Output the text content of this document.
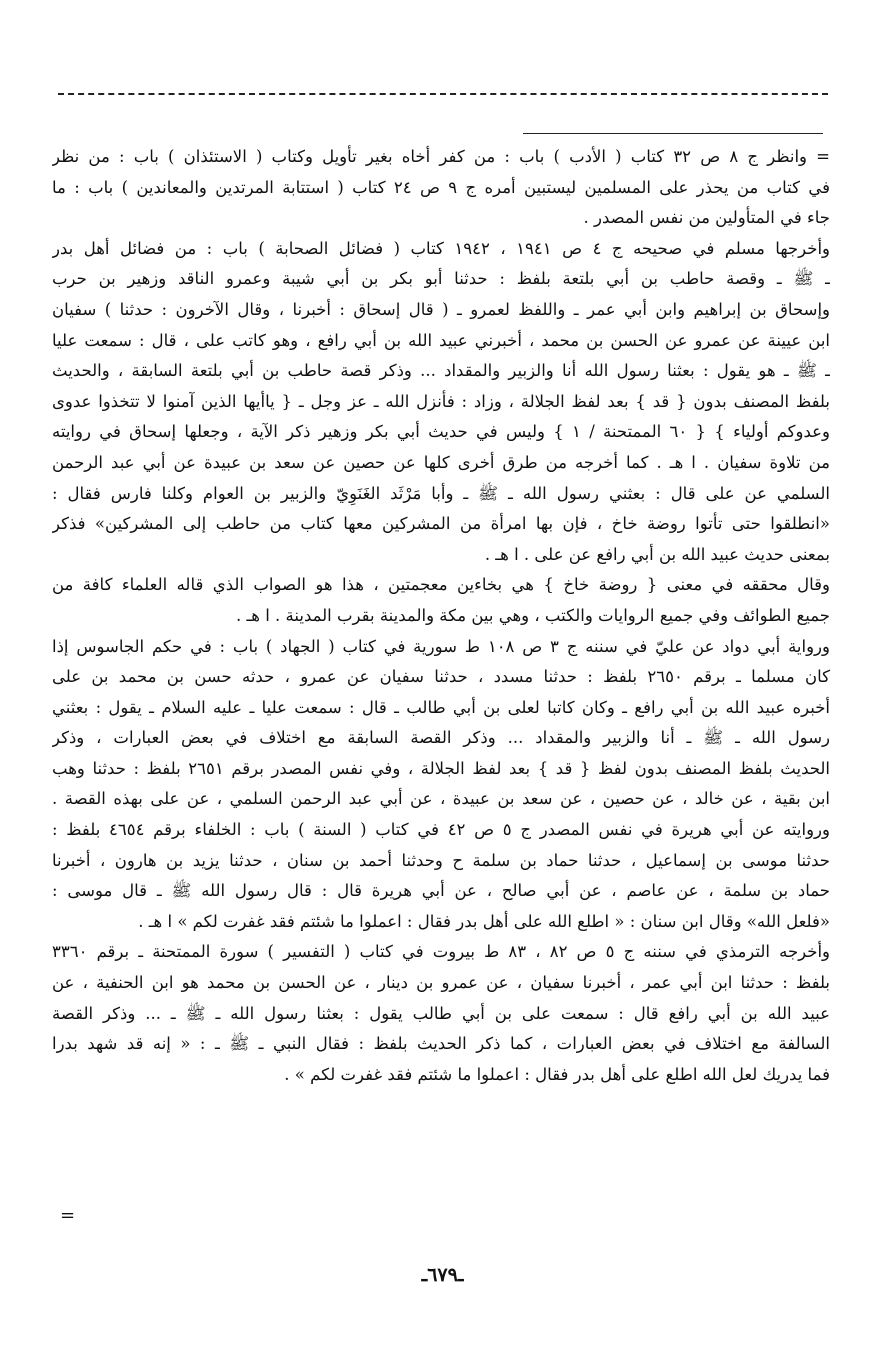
= وانظر ج ٨ ص ٣٢ كتاب ( الأدب ) باب : من كفر أخاه بغير تأويل وكتاب ( الاستئذان ) باب : من نظر
في كتاب من يحذر على المسلمين ليستبين أمره ج ٩ ص ٢٤ كتاب ( استتابة المرتدين والمعاندين ) باب : ما
جاء في المتأولين من نفس المصدر .
وأخرجها مسلم في صحيحه ج ٤ ص ١٩٤١ ، ١٩٤٢ كتاب ( فضائل الصحابة ) باب : من فضائل أهل بدر
ـ ﷺ ـ وقصة حاطب بن أبي بلتعة بلفظ : حدثنا أبو بكر بن أبي شيبة وعمرو الناقد وزهير بن حرب
وإسحاق بن إبراهيم وابن أبي عمر ـ واللفظ لعمرو ـ ( قال إسحاق : أخبرنا ، وقال الآخرون : حدثنا ) سفيان
ابن عيينة عن عمرو عن الحسن بن محمد ، أخبرني عبيد الله بن أبي رافع ، وهو كاتب على ، قال : سمعت عليا
ـ ﷺ ـ هو يقول : بعثنا رسول الله أنا والزبير والمقداد ... وذكر قصة حاطب بن أبي بلتعة السابقة ، والحديث
بلفظ المصنف بدون { قد } بعد لفظ الجلالة ، وزاد : فأنزل الله ـ عز وجل ـ { ياأيها الذين آمنوا لا تتخذوا عدوى
وعدوكم أولياء } { ٦٠ الممتحنة / ١ } وليس في حديث أبي بكر وزهير ذكر الآية ، وجعلها إسحاق في روايته
من تلاوة سفيان . ا هـ . كما أخرجه من طرق أخرى كلها عن حصين عن سعد بن عبيدة عن أبي عبد الرحمن
السلمي عن على قال : بعثني رسول الله ـ ﷺ ـ وأبا مَرْثَد الغَنَوِيّ والزبير بن العوام وكلنا فارس فقال :
«انطلقوا حتى تأتوا روضة خاخ ، فإن بها امرأة من المشركين معها كتاب من حاطب إلى المشركين» فذكر
بمعنى حديث عبيد الله بن أبي رافع عن على . ا هـ .
وقال محققه في معنى { روضة خاخ } هي بخاءين معجمتين ، هذا هو الصواب الذي قاله العلماء كافة من
جميع الطوائف وفي جميع الروايات والكتب ، وهي بين مكة والمدينة بقرب المدينة . ا هـ .
ورواية أبي دواد عن عليّ في سننه ج ٣ ص ١٠٨ ط سورية في كتاب ( الجهاد ) باب : في حكم الجاسوس إذا
كان مسلما ـ برقم ٢٦٥٠ بلفظ : حدثنا مسدد ، حدثنا سفيان عن عمرو ، حدثه حسن بن محمد بن على
أخبره عبيد الله بن أبي رافع ـ وكان كاتبا لعلى بن أبي طالب ـ قال : سمعت عليا ـ عليه السلام ـ يقول : بعثني
رسول الله ـ ﷺ ـ أنا والزبير والمقداد ... وذكر القصة السابقة مع اختلاف في بعض العبارات ، وذكر
الحديث بلفظ المصنف بدون لفظ { قد } بعد لفظ الجلالة ، وفي نفس المصدر برقم ٢٦٥١ بلفظ : حدثنا وهب
ابن بقية ، عن خالد ، عن حصين ، عن سعد بن عبيدة ، عن أبي عبد الرحمن السلمي ، عن على بهذه القصة .
وروايته عن أبي هريرة في نفس المصدر ج ٥ ص ٤٢ في كتاب ( السنة ) باب : الخلفاء برقم ٤٦٥٤ بلفظ :
حدثنا موسى بن إسماعيل ، حدثنا حماد بن سلمة ح وحدثنا أحمد بن سنان ، حدثنا يزيد بن هارون ، أخبرنا
حماد بن سلمة ، عن عاصم ، عن أبي صالح ، عن أبي هريرة قال : قال رسول الله ﷺ ـ قال موسى :
«فلعل الله» وقال ابن سنان : « اطلع الله على أهل بدر فقال : اعملوا ما شئتم فقد غفرت لكم » ا هـ .
وأخرجه الترمذي في سننه ج ٥ ص ٨٢ ، ٨٣ ط بيروت في كتاب ( التفسير ) سورة الممتحنة ـ برقم ٣٣٦٠
بلفظ : حدثنا ابن أبي عمر ، أخبرنا سفيان ، عن عمرو بن دينار ، عن الحسن بن محمد هو ابن الحنفية ، عن
عبيد الله بن أبي رافع قال : سمعت على بن أبي طالب يقول : بعثنا رسول الله ـ ﷺ ـ ... وذكر القصة
السالفة مع اختلاف في بعض العبارات ، كما ذكر الحديث بلفظ : فقال النبي ـ ﷺ ـ : « إنه قد شهد بدرا
فما يدريك لعل الله اطلع على أهل بدر فقال : اعملوا ما شئتم فقد غفرت لكم » .
=
ـ٦٧٩ـ
